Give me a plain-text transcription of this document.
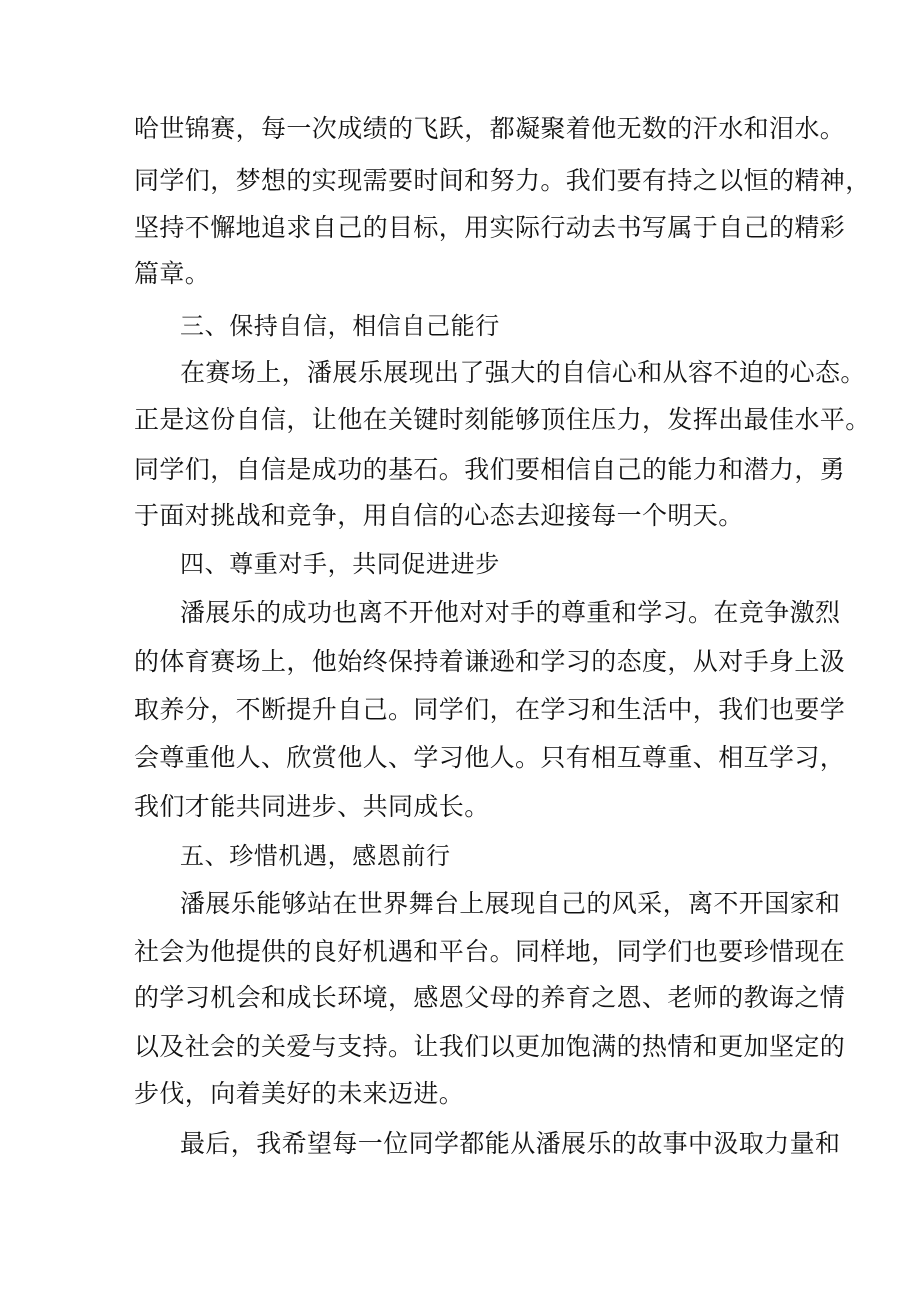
哈世锦赛，每一次成绩的飞跃，都凝聚着他无数的汗水和泪水。
同学们，梦想的实现需要时间和努力。我们要有持之以恒的精神，
坚持不懈地追求自己的目标，用实际行动去书写属于自己的精彩
篇章。
三、保持自信，相信自己能行
在赛场上，潘展乐展现出了强大的自信心和从容不迫的心态。
正是这份自信，让他在关键时刻能够顶住压力，发挥出最佳水平。
同学们，自信是成功的基石。我们要相信自己的能力和潜力，勇
于面对挑战和竞争，用自信的心态去迎接每一个明天。
四、尊重对手，共同促进进步
潘展乐的成功也离不开他对对手的尊重和学习。在竞争激烈
的体育赛场上，他始终保持着谦逊和学习的态度，从对手身上汲
取养分，不断提升自己。同学们，在学习和生活中，我们也要学
会尊重他人、欣赏他人、学习他人。只有相互尊重、相互学习，
我们才能共同进步、共同成长。
五、珍惜机遇，感恩前行
潘展乐能够站在世界舞台上展现自己的风采，离不开国家和
社会为他提供的良好机遇和平台。同样地，同学们也要珍惜现在
的学习机会和成长环境，感恩父母的养育之恩、老师的教诲之情
以及社会的关爱与支持。让我们以更加饱满的热情和更加坚定的
步伐，向着美好的未来迈进。
最后，我希望每一位同学都能从潘展乐的故事中汲取力量和
